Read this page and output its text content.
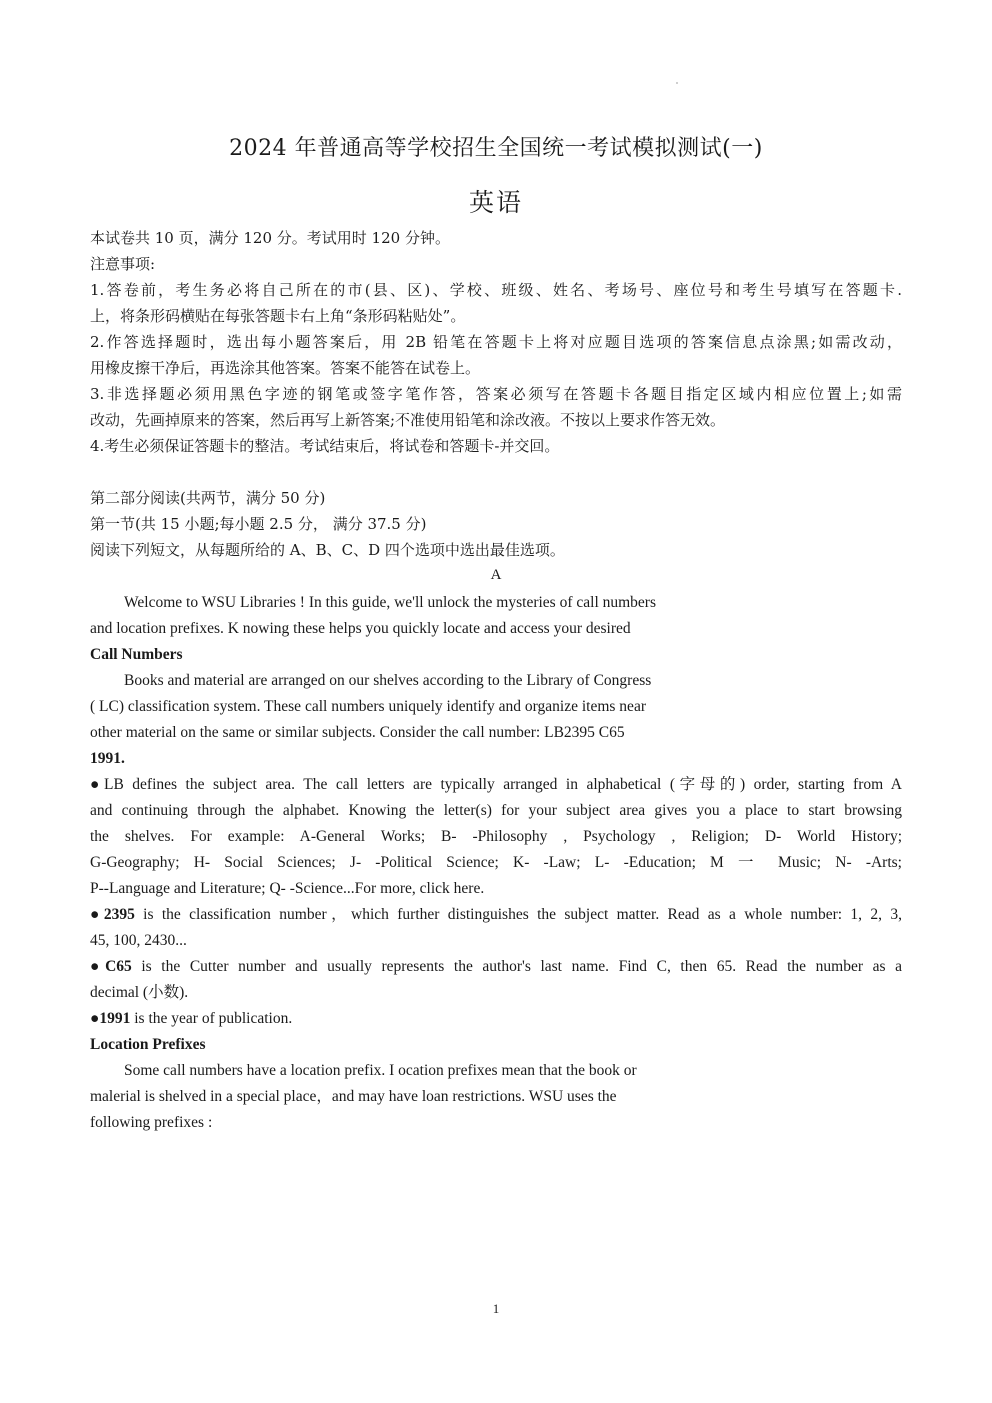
2024 年普通高等学校招生全国统一考试模拟测试(一)
英语
本试卷共 10 页，满分 120 分。考试用时 120 分钟。
注意事项:
1.答卷前，考生务必将自己所在的市(县、区)、学校、班级、姓名、考场号、座位号和考生号填写在答题卡.
上，将条形码横贴在每张答题卡右上角“条形码粘贴处”。
2.作答选择题时，选出每小题答案后，用 2B 铅笔在答题卡上将对应题目选项的答案信息点涂黑;如需改动，
用橡皮擦干净后，再选涂其他答案。答案不能答在试卷上。
3.非选择题必须用黑色字迹的钢笔或签字笔作答，答案必须写在答题卡各题目指定区域内相应位置上;如需
改动，先画掉原来的答案，然后再写上新答案;不准使用铅笔和涂改液。不按以上要求作答无效。
4.考生必须保证答题卡的整洁。考试结束后，将试卷和答题卡-并交回。
第二部分阅读(共两节，满分 50 分)
第一节(共 15 小题;每小题 2.5 分， 满分 37.5 分)
阅读下列短文，从每题所给的 A、B、C、D 四个选项中选出最佳选项。
A
Welcome to WSU Libraries ! In this guide, we'll unlock the mysteries of call numbers
and location prefixes. K nowing these helps you quickly locate and access your desired
Call Numbers
Books and material are arranged on our shelves according to the Library of Congress
( LC) classification system. These call numbers uniquely identify and organize items near
other material on the same or similar subjects. Consider the call number: LB2395 C65
1991.
●LB defines the subject area. The call letters are typically arranged in alphabetical (字母的) order, starting from A
and continuing through the alphabet. Knowing the letter(s) for your subject area gives you a place to start browsing
the shelves. For example: A-General Works; B- -Philosophy , Psychology , Religion; D- World History;
G-Geography; H- Social Sciences; J- -Political Science; K- -Law; L- -Education; M 一 Music; N- -Arts;
P--Language and Literature; Q- -Science...For more, click here.
●2395 is the classification number，which further distinguishes the subject matter. Read as a whole number: 1, 2, 3,
45, 100, 2430...
●C65 is the Cutter number and usually represents the author's last name. Find C, then 65. Read the number as a
decimal (小数).
●1991 is the year of publication.
Location Prefixes
Some call numbers have a location prefix. I ocation prefixes mean that the book or
malerial is shelved in a special place，and may have loan restrictions. WSU uses the
following prefixes :
1
